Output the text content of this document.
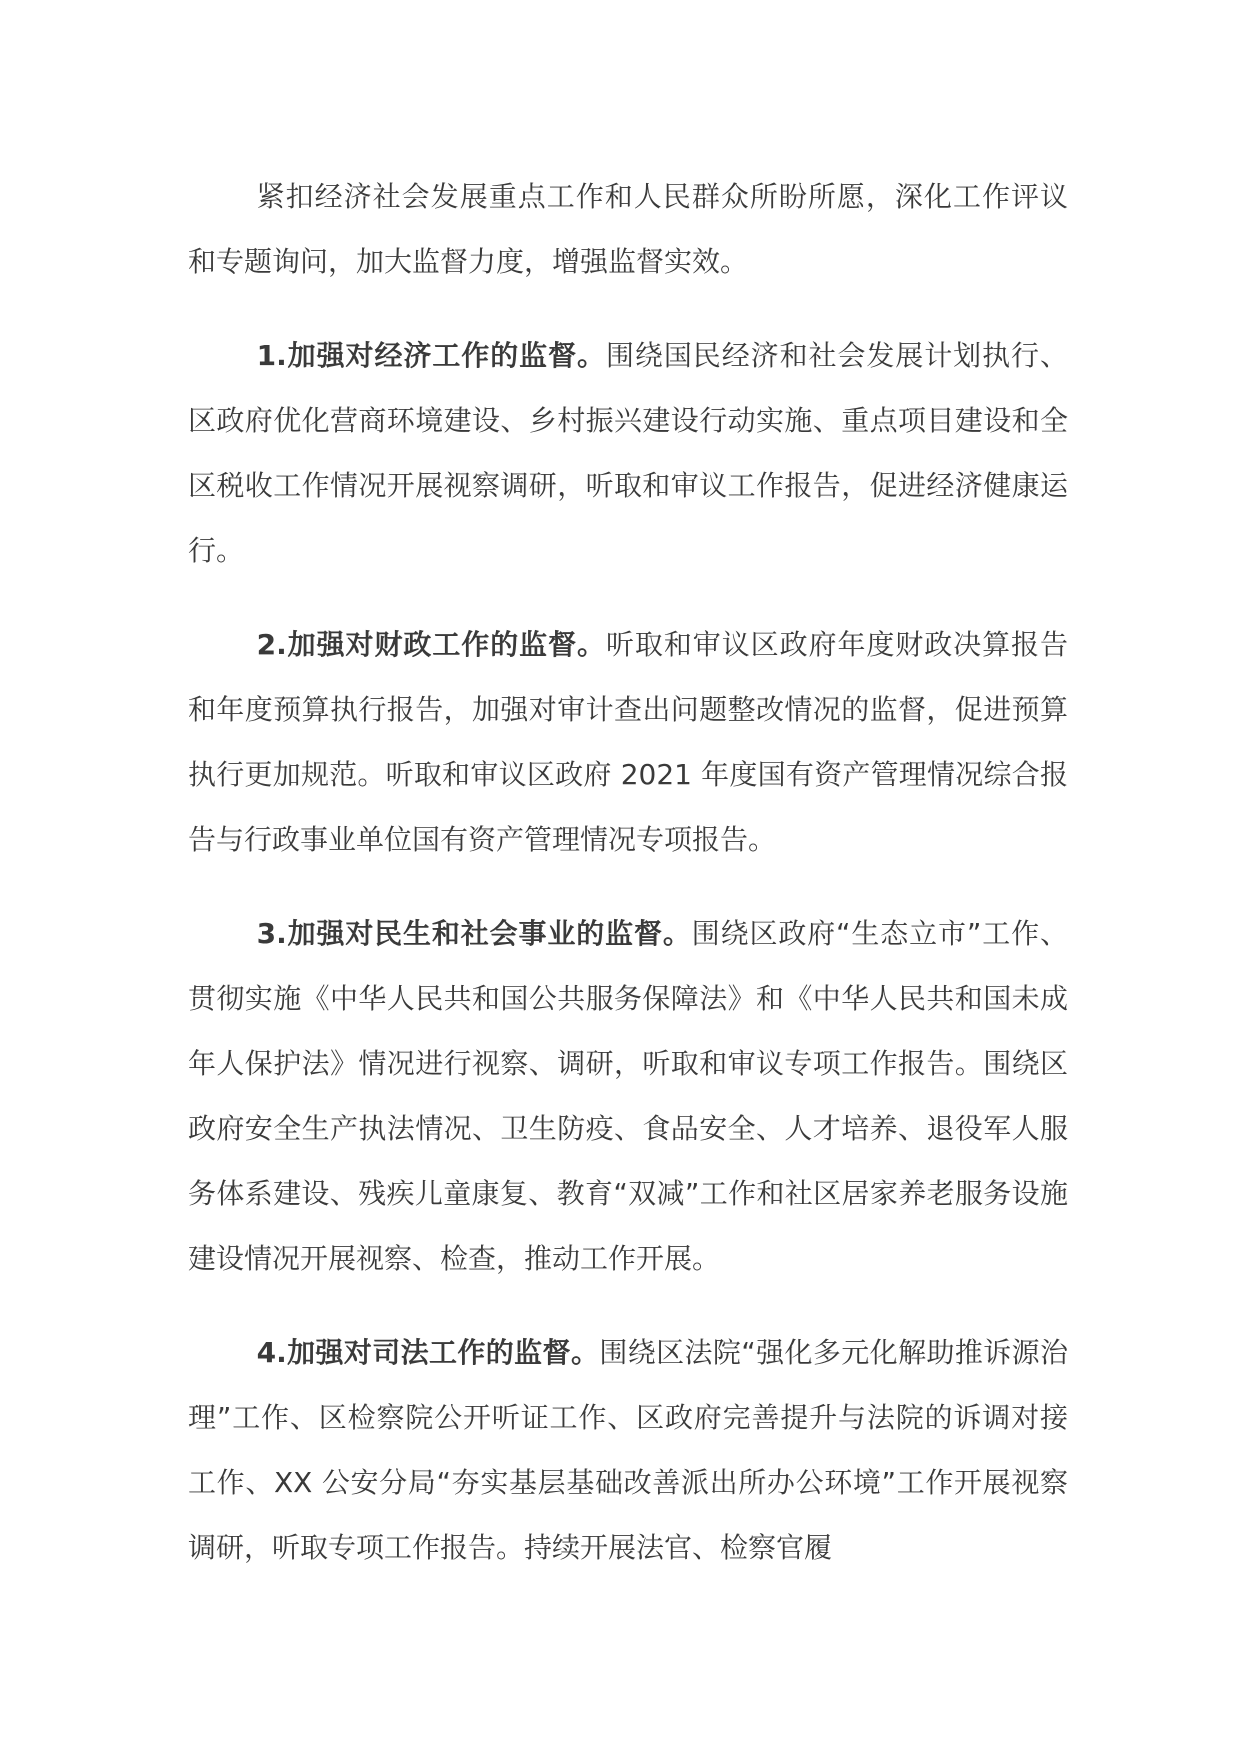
紧扣经济社会发展重点工作和人民群众所盼所愿，深化工作评议和专题询问，加大监督力度，增强监督实效。

1.加强对经济工作的监督。围绕国民经济和社会发展计划执行、区政府优化营商环境建设、乡村振兴建设行动实施、重点项目建设和全区税收工作情况开展视察调研，听取和审议工作报告，促进经济健康运行。

2.加强对财政工作的监督。听取和审议区政府年度财政决算报告和年度预算执行报告，加强对审计查出问题整改情况的监督，促进预算执行更加规范。听取和审议区政府 2021 年度国有资产管理情况综合报告与行政事业单位国有资产管理情况专项报告。

3.加强对民生和社会事业的监督。围绕区政府“生态立市”工作、贯彻实施《中华人民共和国公共服务保障法》和《中华人民共和国未成年人保护法》情况进行视察、调研，听取和审议专项工作报告。围绕区政府安全生产执法情况、卫生防疫、食品安全、人才培养、退役军人服务体系建设、残疾儿童康复、教育“双减”工作和社区居家养老服务设施建设情况开展视察、检查，推动工作开展。

4.加强对司法工作的监督。围绕区法院“强化多元化解助推诉源治理”工作、区检察院公开听证工作、区政府完善提升与法院的诉调对接工作、XX 公安分局“夯实基层基础改善派出所办公环境”工作开展视察调研，听取专项工作报告。持续开展法官、检察官履
